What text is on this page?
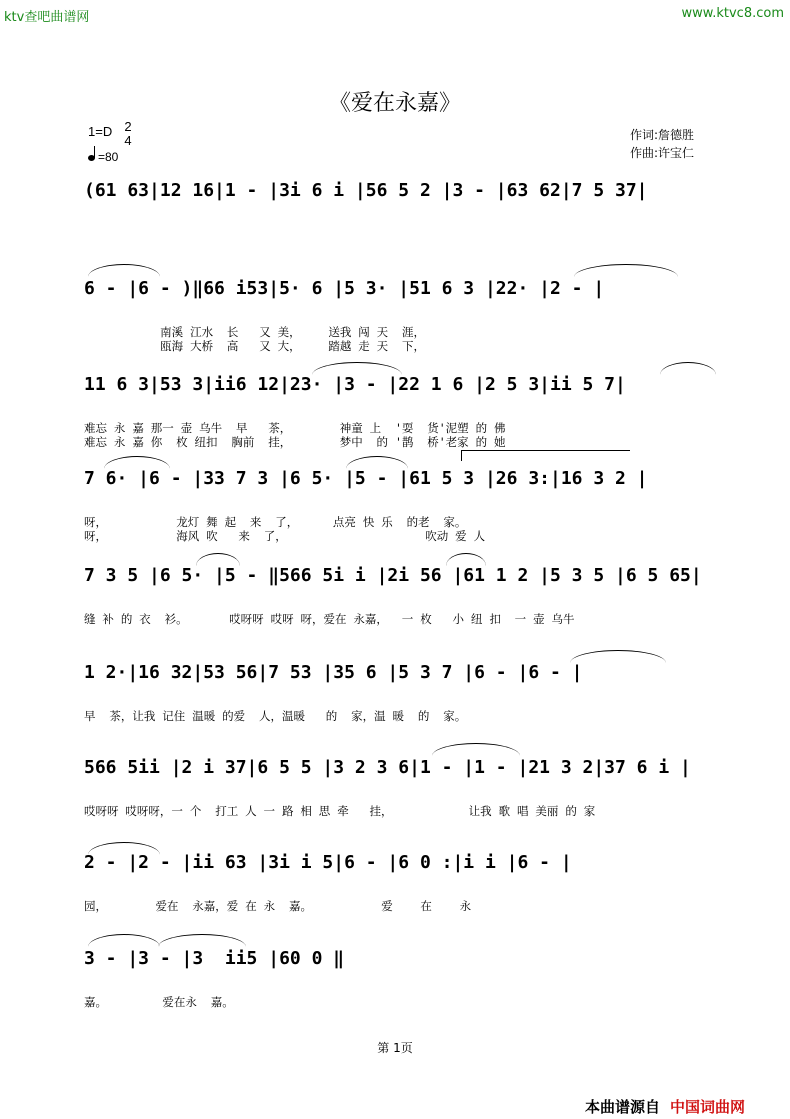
ktv查吧曲谱网	www.ktvc8.com
《爱在永嘉》
1=D 2
4
=80
作词:詹德胜
作曲:许宝仁
(61 63|12 16|1 - |3i 6 i |56 5 2 |3 - |63 62|7 5 37|
6 - |6 - )‖66 i53|5· 6 |5 3· |51 6 3 |22· |2 - |
南溪 江水  长   又 美，    送我 闯 天  涯，
瓯海 大桥  高   又 大，    踏越 走 天  下，
11 6 3|53 3|ii6 12|23· |3 - |22 1 6 |2 5 3|ii 5 7|
难忘 永 嘉 那一 壶 乌牛  早   茶，       神童 上  '耍  货'泥塑 的 佛
难忘 永 嘉 你  枚 纽扣  胸前  挂，       梦中  的 '鹊  桥'老家 的 她
7 6· |6 - |33 7 3 |6 5· |5 - |61 5 3 |26 3:|16 3 2 |
呀，          龙灯 舞 起  来  了，     点亮 快 乐  的老  家。
呀，          海风 吹   来  了，                    吹动 爱 人
7 3 5 |6 5· |5 - ‖566 5i i |2i 56 |61 1 2 |5 3 5 |6 5 65|
缝 补 的 衣  衫。      哎呀呀 哎呀 呀，爱在 永嘉，  一 枚   小 纽 扣  一 壶 乌牛
1 2·|16 32|53 56|7 53 |35 6 |5 3 7 |6 - |6 - |
早  茶，让我 记住 温暖 的爱  人，温暖   的  家，温 暖  的  家。
566 5ii |2 i 37|6 5 5 |3 2 3 6|1 - |1 - |21 3 2|37 6 i |
哎呀呀 哎呀呀，一 个  打工 人 一 路 相 思 牵   挂，           让我 歌 唱 美丽 的 家
2 - |2 - |ii 63 |3i i 5|6 - |6 0 :|i i |6 - |
园，       爱在  永嘉，爱 在 永  嘉。          爱    在    永
3 - |3 - |3  ii5 |60 0 ‖
嘉。        爱在永  嘉。
第 1页
本曲谱源自 中国词曲网
